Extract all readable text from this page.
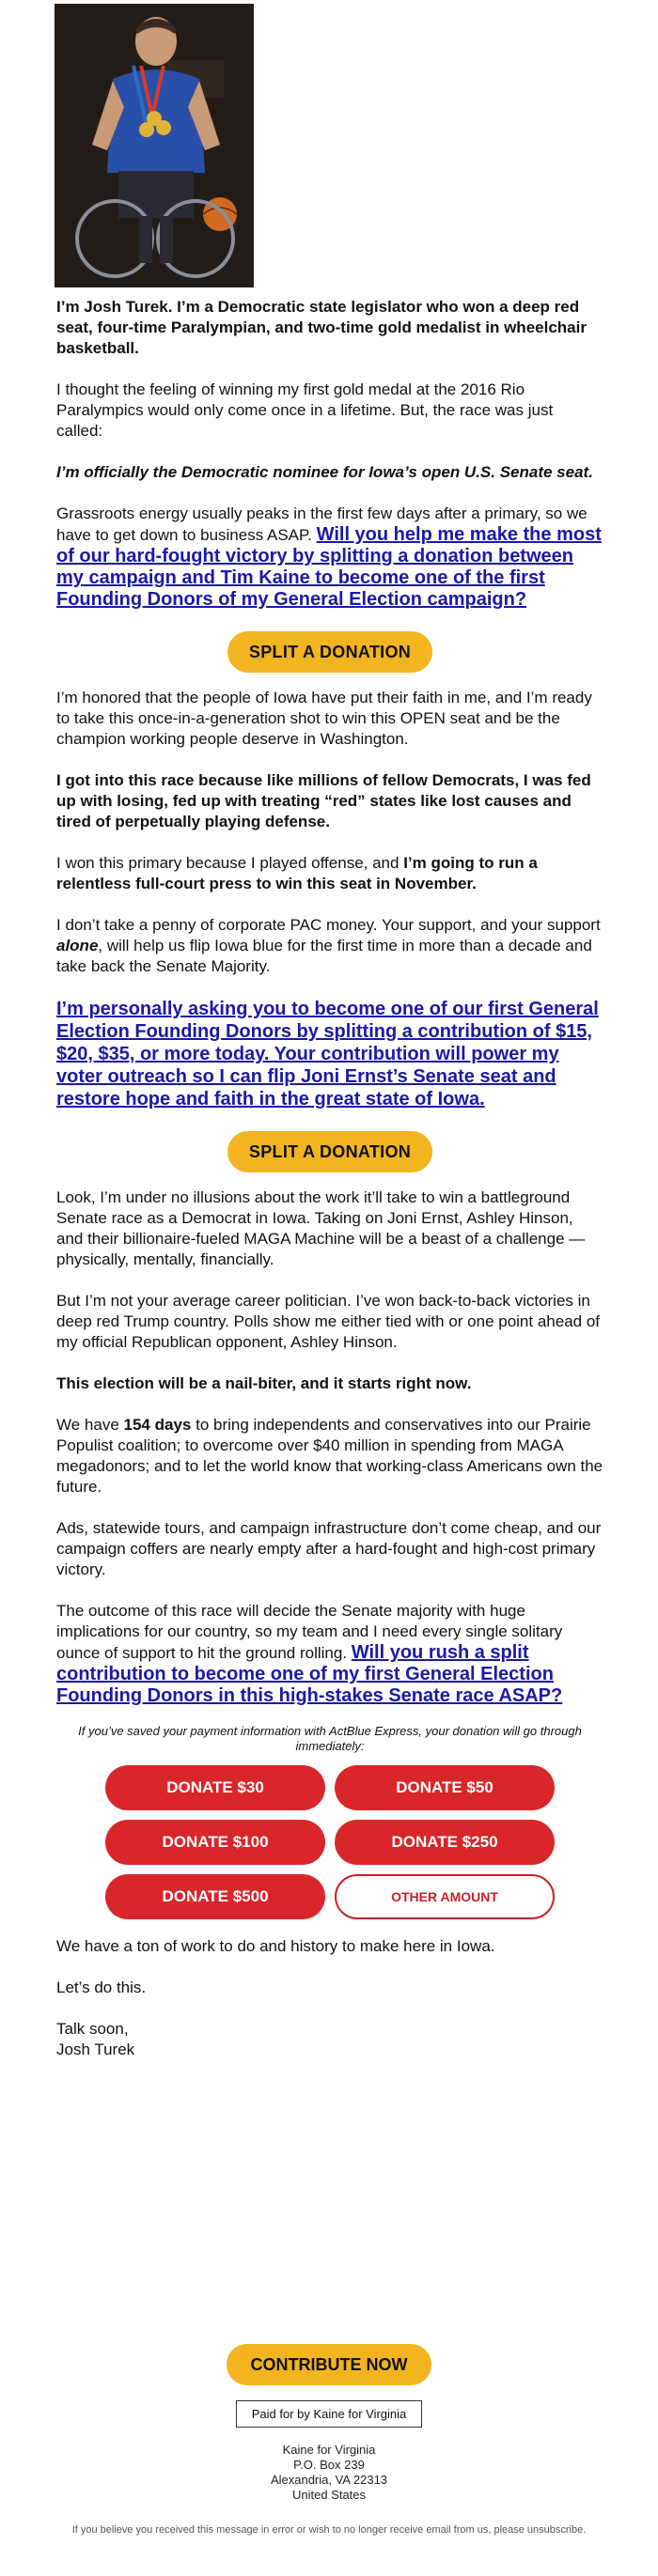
I’m Josh Turek. I’m a Democratic state legislator who won a deep red seat, four-time Paralympian, and two-time gold medalist in wheelchair basketball.

I thought the feeling of winning my first gold medal at the 2016 Rio Paralympics would only come once in a lifetime. But, the race was just called:

I’m officially the Democratic nominee for Iowa’s open U.S. Senate seat.

Grassroots energy usually peaks in the first few days after a primary, so we have to get down to business ASAP. Will you help me make the most of our hard-fought victory by splitting a donation between my campaign and Tim Kaine to become one of the first Founding Donors of my General Election campaign?

SPLIT A DONATION

I’m honored that the people of Iowa have put their faith in me, and I’m ready to take this once-in-a-generation shot to win this OPEN seat and be the champion working people deserve in Washington.

I got into this race because like millions of fellow Democrats, I was fed up with losing, fed up with treating “red” states like lost causes and tired of perpetually playing defense.

I won this primary because I played offense, and I’m going to run a relentless full-court press to win this seat in November.

I don’t take a penny of corporate PAC money. Your support, and your support alone, will help us flip Iowa blue for the first time in more than a decade and take back the Senate Majority.

I’m personally asking you to become one of our first General Election Founding Donors by splitting a contribution of $15, $20, $35, or more today. Your contribution will power my voter outreach so I can flip Joni Ernst’s Senate seat and restore hope and faith in the great state of Iowa.

SPLIT A DONATION

Look, I’m under no illusions about the work it’ll take to win a battleground Senate race as a Democrat in Iowa. Taking on Joni Ernst, Ashley Hinson, and their billionaire-fueled MAGA Machine will be a beast of a challenge — physically, mentally, financially.

But I’m not your average career politician. I’ve won back-to-back victories in deep red Trump country. Polls show me either tied with or one point ahead of my official Republican opponent, Ashley Hinson.

This election will be a nail-biter, and it starts right now.

We have 154 days to bring independents and conservatives into our Prairie Populist coalition; to overcome over $40 million in spending from MAGA megadonors; and to let the world know that working-class Americans own the future.

Ads, statewide tours, and campaign infrastructure don’t come cheap, and our campaign coffers are nearly empty after a hard-fought and high-cost primary victory.

The outcome of this race will decide the Senate majority with huge implications for our country, so my team and I need every single solitary ounce of support to hit the ground rolling. Will you rush a split contribution to become one of my first General Election Founding Donors in this high-stakes Senate race ASAP?

If you’ve saved your payment information with ActBlue Express, your donation will go through immediately:
DONATE $30	DONATE $50
DONATE $100	DONATE $250
DONATE $500	OTHER AMOUNT

We have a ton of work to do and history to make here in Iowa.

Let’s do this.

Talk soon,
Josh Turek

CONTRIBUTE NOW
Paid for by Kaine for Virginia
Kaine for Virginia
P.O. Box 239
Alexandria, VA 22313
United States
If you believe you received this message in error or wish to no longer receive email from us, please unsubscribe.
